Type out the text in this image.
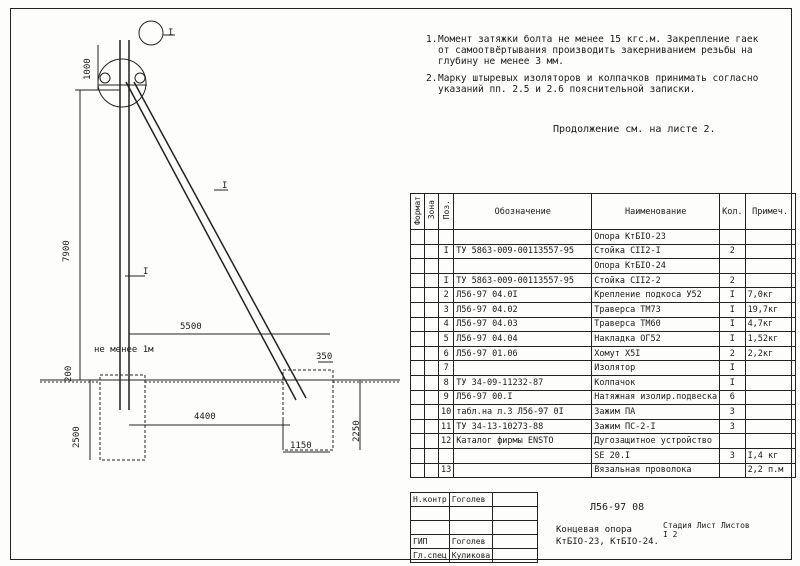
I
I
I
1000
7900
200
2500	2250
5500
4400
350
1150
не менее 1м
1. Момент затяжки болта не менее 15 кгс.м. Закрепление гаек от самоотвёртывания производить закерниванием резьбы на глубину не менее 3 мм.
2. Марку штыревых изоляторов и колпачков принимать согласно указаний пп. 2.5 и 2.6 пояснительной записки.
Продолжение см. на листе 2.
Формат	Зона	Поз.	Обозначение	Наименование	Кол.	Примеч.
				Опора КтБІО-23		
		I	ТУ 5863-009-00113557-95	Стойка СІІ2-І	2	
				Опора КтБІО-24		
		I	ТУ 5863-009-00113557-95	Стойка СІІ2-2	2	
		2	Л56-97 04.0І	Крепление подкоса У52	I	7,0кг
		3	Л56-97 04.02	Траверса ТМ73	I	19,7кг
		4	Л56-97 04.03	Траверса ТМ60	I	4,7кг
		5	Л56-97 04.04	Накладка ОГ52	I	1,52кг
		6	Л56-97 01.06	Хомут Х5І	2	2,2кг
		7		Изолятор	I	
		8	ТУ 34-09-11232-87	Колпачок	I	
		9	Л56-97 00.І	Натяжная изолир.подвеска	6	
		10	табл.на л.3 Л56-97 0І	Зажим ПА	3	
		11	ТУ 34-13-10273-88	Зажим ПС-2-І	3	
		12	Каталог фирмы ENSTO	Дугозащитное устройство		
				SE 20.І	3	І,4 кг
		13		Вязальная проволока		2,2 п.м
Н.контр	Гоголев	

ГИП	Гоголев	
Гл.спец	Куликова	
Л56-97 08
Концевая опора
КтБІО-23, КтБІО-24.
Стадия Лист Листов
І 2
